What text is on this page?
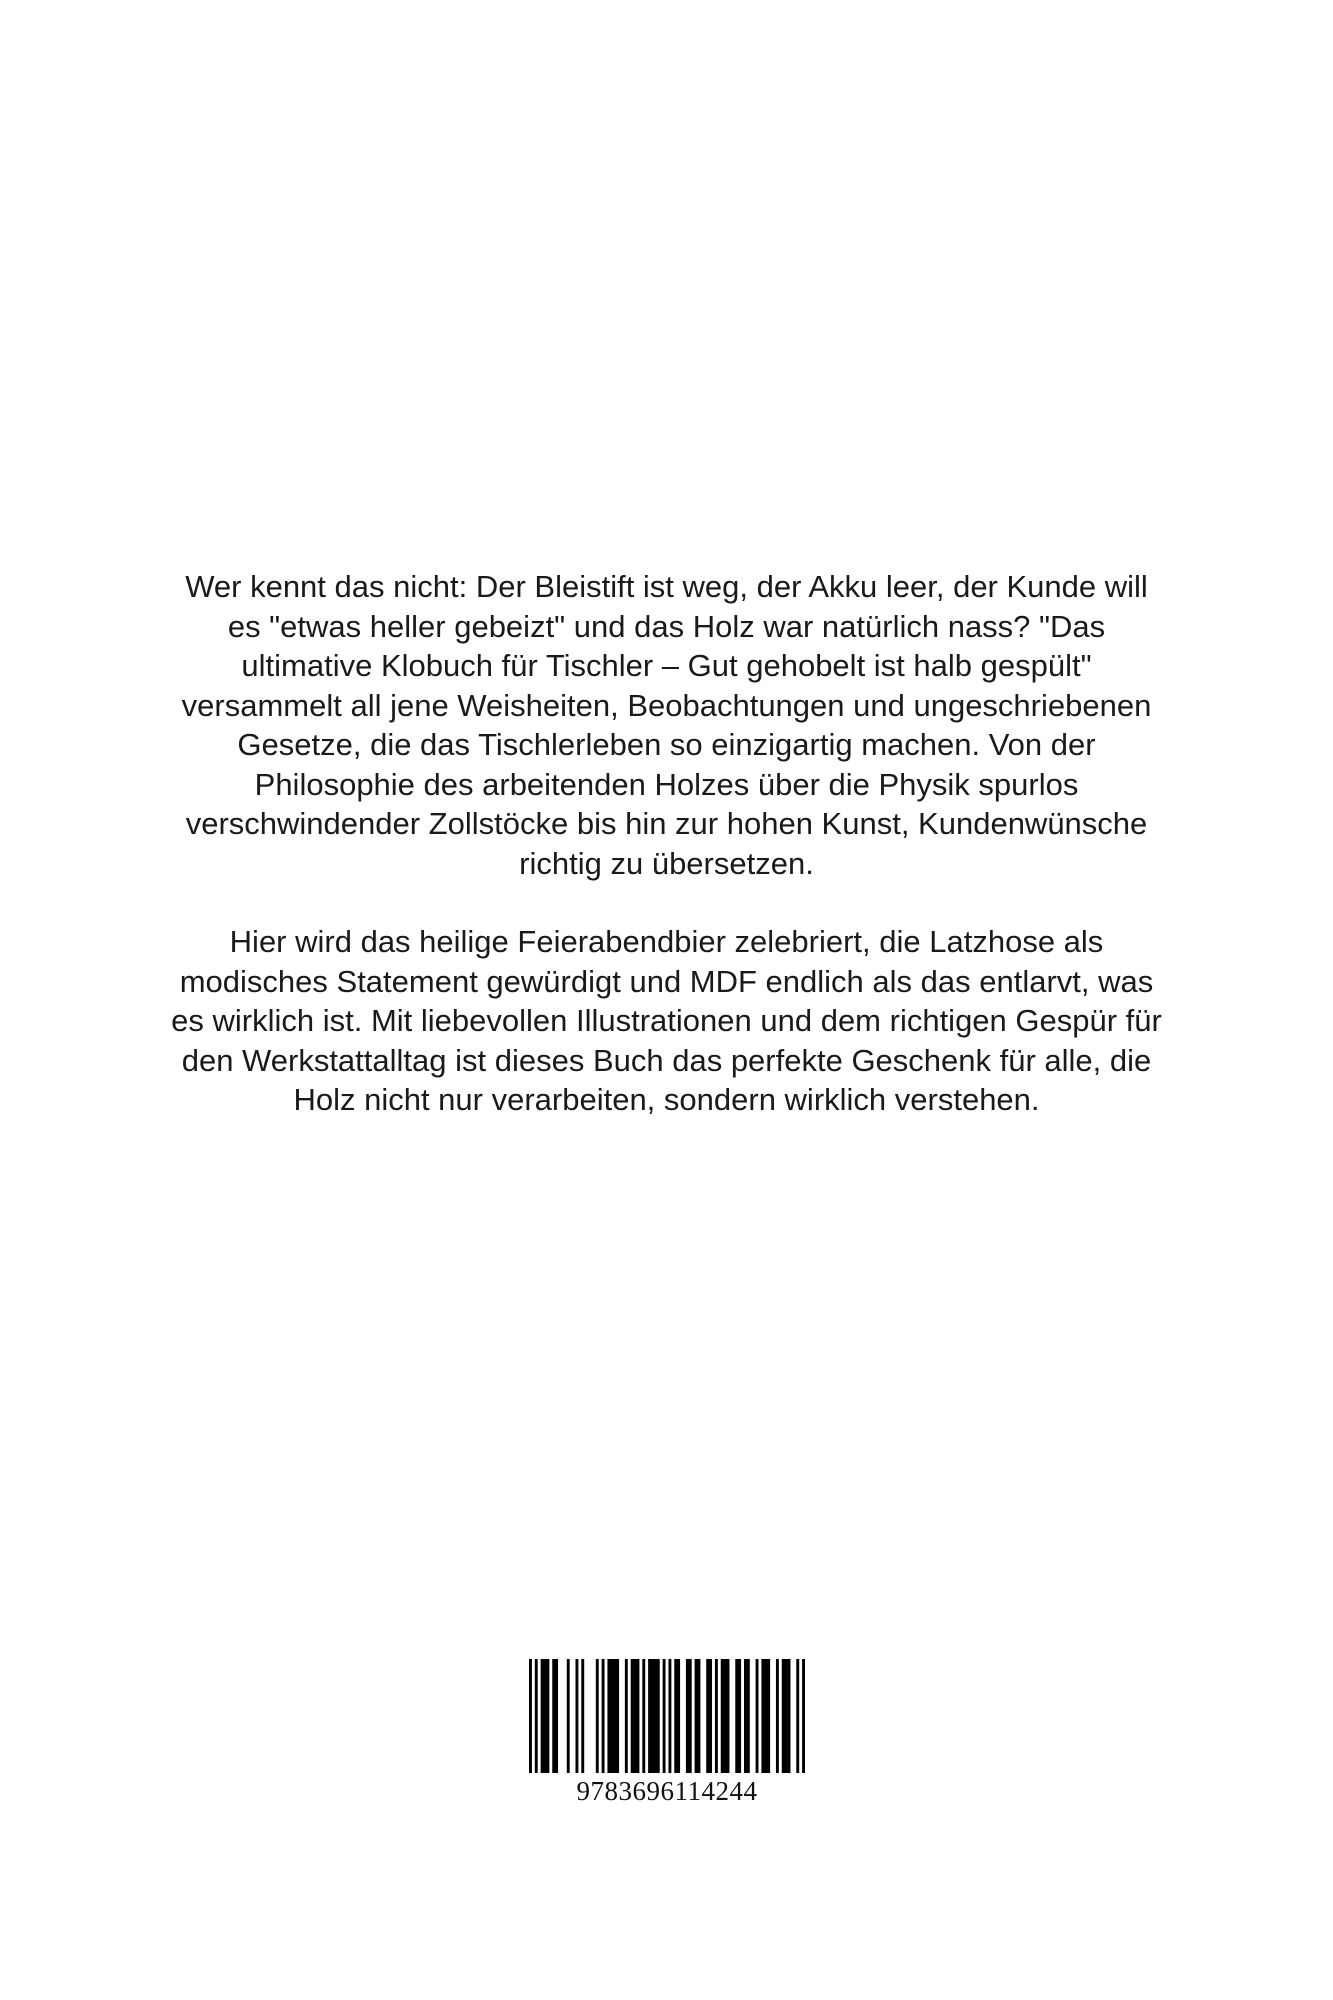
Wer kennt das nicht: Der Bleistift ist weg, der Akku leer, der Kunde will es "etwas heller gebeizt" und das Holz war natürlich nass? "Das ultimative Klobuch für Tischler – Gut gehobelt ist halb gespült" versammelt all jene Weisheiten, Beobachtungen und ungeschriebenen Gesetze, die das Tischlerleben so einzigartig machen. Von der Philosophie des arbeitenden Holzes über die Physik spurlos verschwindender Zollstöcke bis hin zur hohen Kunst, Kundenwünsche richtig zu übersetzen.

Hier wird das heilige Feierabendbier zelebriert, die Latzhose als modisches Statement gewürdigt und MDF endlich als das entlarvt, was es wirklich ist. Mit liebevollen Illustrationen und dem richtigen Gespür für den Werkstattalltag ist dieses Buch das perfekte Geschenk für alle, die Holz nicht nur verarbeiten, sondern wirklich verstehen.

9783696114244
